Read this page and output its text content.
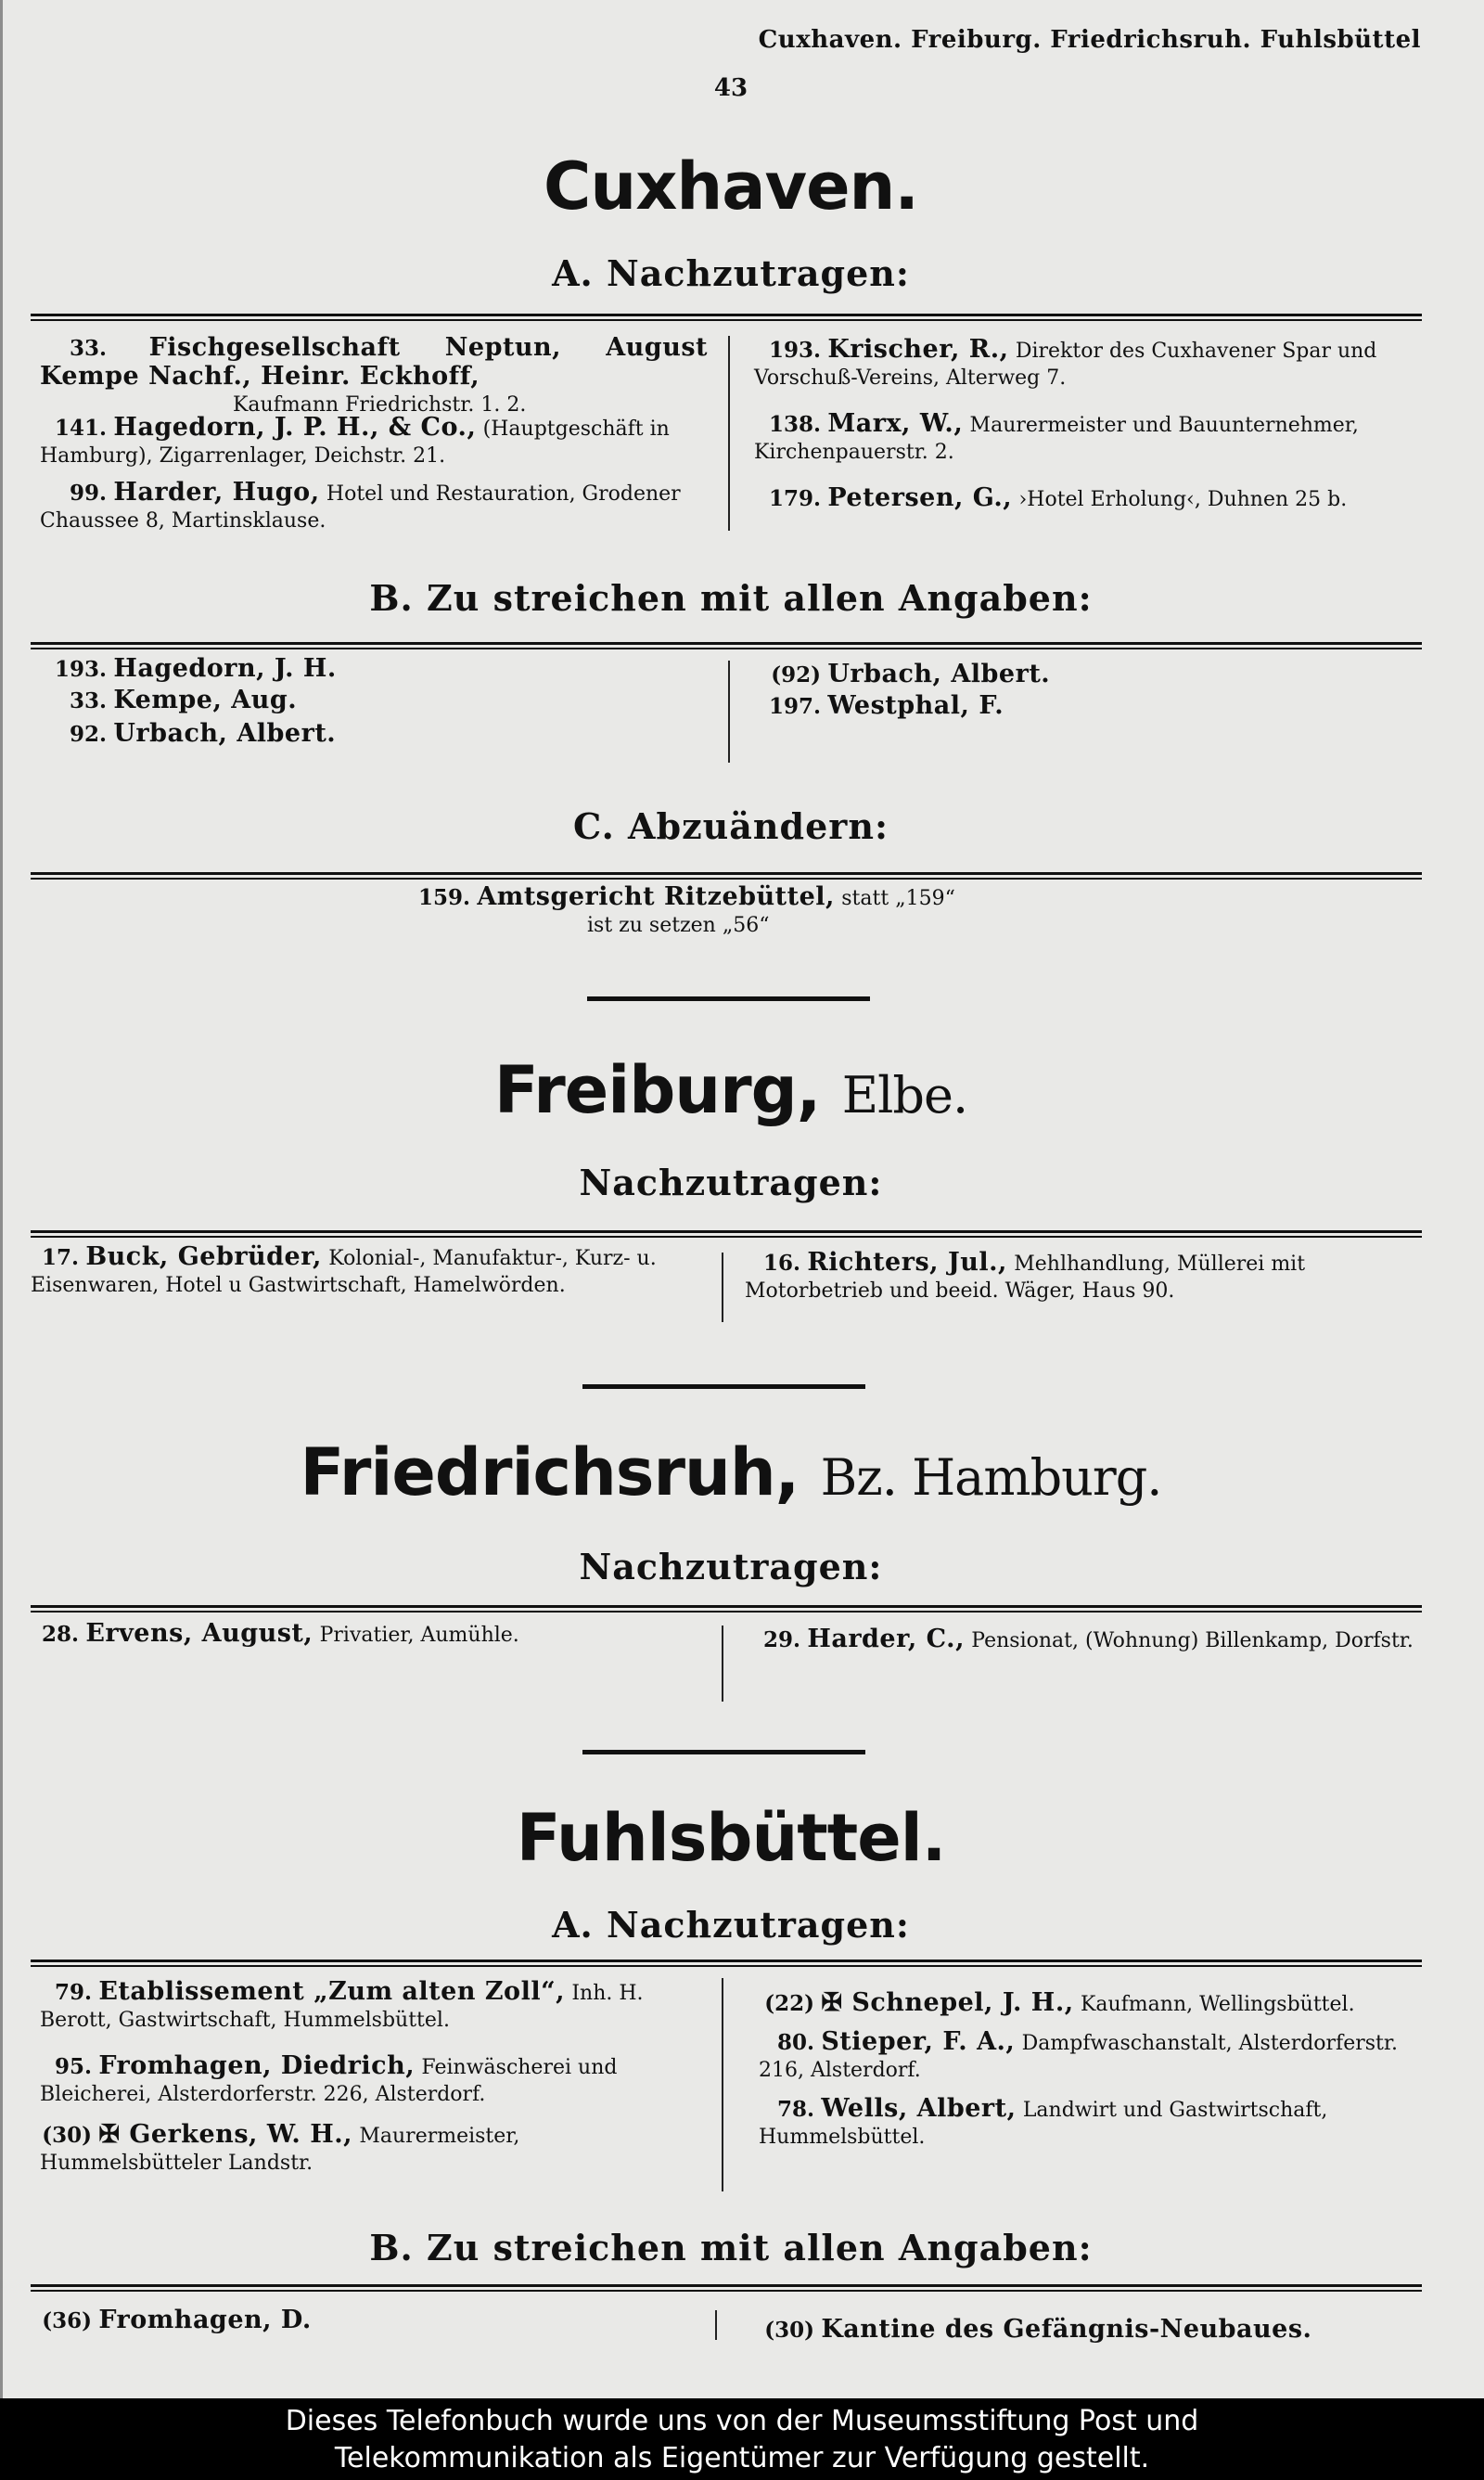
Cuxhaven. Freiburg. Friedrichsruh. Fuhlsbüttel
43
Cuxhaven.
A. Nachzutragen:
33. Fischgesellschaft Neptun, August Kempe Nachf., Heinr. Eckhoff,
Kaufmann Friedrichstr. 1. 2.
141. Hagedorn, J. P. H., & Co., (Hauptgeschäft in Hamburg), Zigarrenlager, Deichstr. 21.
99. Harder, Hugo, Hotel und Restauration, Grodener Chaussee 8, Martinsklause.
193. Krischer, R., Direktor des Cuxhavener Spar und Vorschuß-Vereins, Alterweg 7.
138. Marx, W., Maurermeister und Bauunternehmer, Kirchenpauerstr. 2.
179. Petersen, G., ›Hotel Erholung‹, Duhnen 25 b.
B. Zu streichen mit allen Angaben:
193. Hagedorn, J. H.
33. Kempe, Aug.
92. Urbach, Albert.
(92) Urbach, Albert.
197. Westphal, F.
C. Abzuändern:
159. Amtsgericht Ritzebüttel, statt „159“
ist zu setzen „56“
Freiburg, Elbe.
Nachzutragen:
17. Buck, Gebrüder, Kolonial-, Manufaktur-, Kurz- u. Eisenwaren, Hotel u Gastwirtschaft, Hamelwörden.
16. Richters, Jul., Mehlhandlung, Müllerei mit Motorbetrieb und beeid. Wäger, Haus 90.
Friedrichsruh, Bz. Hamburg.
Nachzutragen:
28. Ervens, August, Privatier, Aumühle.	29. Harder, C., Pensionat, (Wohnung) Billenkamp, Dorfstr.
Fuhlsbüttel.
A. Nachzutragen:
79. Etablissement „Zum alten Zoll“, Inh. H. Berott, Gastwirtschaft, Hummelsbüttel.
95. Fromhagen, Diedrich, Feinwäscherei und Bleicherei, Alsterdorferstr. 226, Alsterdorf.
(30) ✠ Gerkens, W. H., Maurermeister, Hummelsbütteler Landstr.
(22) ✠ Schnepel, J. H., Kaufmann, Wellingsbüttel.
80. Stieper, F. A., Dampfwaschanstalt, Alsterdorferstr. 216, Alsterdorf.
78. Wells, Albert, Landwirt und Gastwirtschaft, Hummelsbüttel.
B. Zu streichen mit allen Angaben:
(36) Fromhagen, D.	(30) Kantine des Gefängnis-Neubaues.
Dieses Telefonbuch wurde uns von der Museumsstiftung Post und
Telekommunikation als Eigentümer zur Verfügung gestellt.
